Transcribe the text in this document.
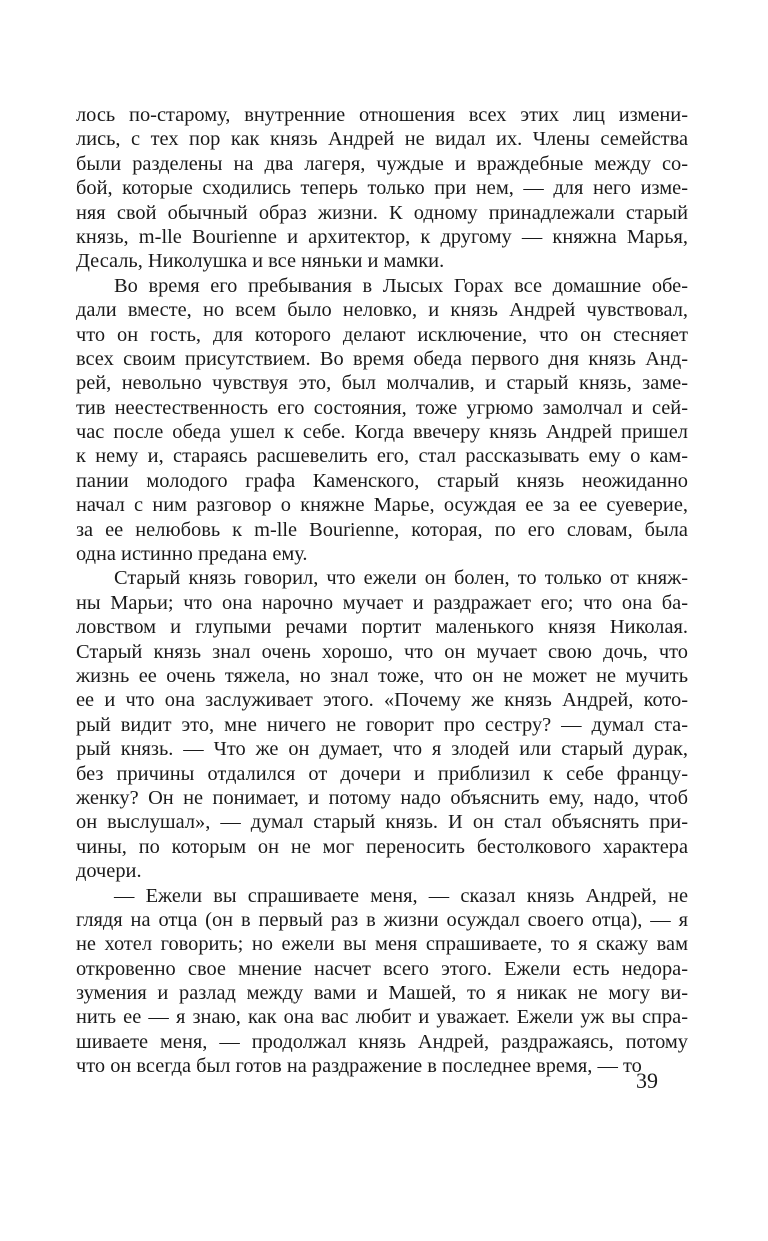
лось по-старому, внутренние отношения всех этих лиц измени-
лись, с тех пор как князь Андрей не видал их. Члены семейства
были разделены на два лагеря, чуждые и враждебные между со-
бой, которые сходились теперь только при нем, — для него изме-
няя свой обычный образ жизни. К одному принадлежали старый
князь, m-lle Bourienne и архитектор, к другому — княжна Марья,
Десаль, Николушка и все няньки и мамки.
Во время его пребывания в Лысых Горах все домашние обе-
дали вместе, но всем было неловко, и князь Андрей чувствовал,
что он гость, для которого делают исключение, что он стесняет
всех своим присутствием. Во время обеда первого дня князь Анд-
рей, невольно чувствуя это, был молчалив, и старый князь, заме-
тив неестественность его состояния, тоже угрюмо замолчал и сей-
час после обеда ушел к себе. Когда ввечеру князь Андрей пришел
к нему и, стараясь расшевелить его, стал рассказывать ему о кам-
пании молодого графа Каменского, старый князь неожиданно
начал с ним разговор о княжне Марье, осуждая ее за ее суеверие,
за ее нелюбовь к m-lle Bourienne, которая, по его словам, была
одна истинно предана ему.
Старый князь говорил, что ежели он болен, то только от княж-
ны Марьи; что она нарочно мучает и раздражает его; что она ба-
ловством и глупыми речами портит маленького князя Николая.
Старый князь знал очень хорошо, что он мучает свою дочь, что
жизнь ее очень тяжела, но знал тоже, что он не может не мучить
ее и что она заслуживает этого. «Почему же князь Андрей, кото-
рый видит это, мне ничего не говорит про сестру? — думал ста-
рый князь. — Что же он думает, что я злодей или старый дурак,
без причины отдалился от дочери и приблизил к себе францу-
женку? Он не понимает, и потому надо объяснить ему, надо, чтоб
он выслушал», — думал старый князь. И он стал объяснять при-
чины, по которым он не мог переносить бестолкового характера
дочери.
— Ежели вы спрашиваете меня, — сказал князь Андрей, не
глядя на отца (он в первый раз в жизни осуждал своего отца), — я
не хотел говорить; но ежели вы меня спрашиваете, то я скажу вам
откровенно свое мнение насчет всего этого. Ежели есть недора-
зумения и разлад между вами и Машей, то я никак не могу ви-
нить ее — я знаю, как она вас любит и уважает. Ежели уж вы спра-
шиваете меня, — продолжал князь Андрей, раздражаясь, потому
что он всегда был готов на раздражение в последнее время, — то
39
